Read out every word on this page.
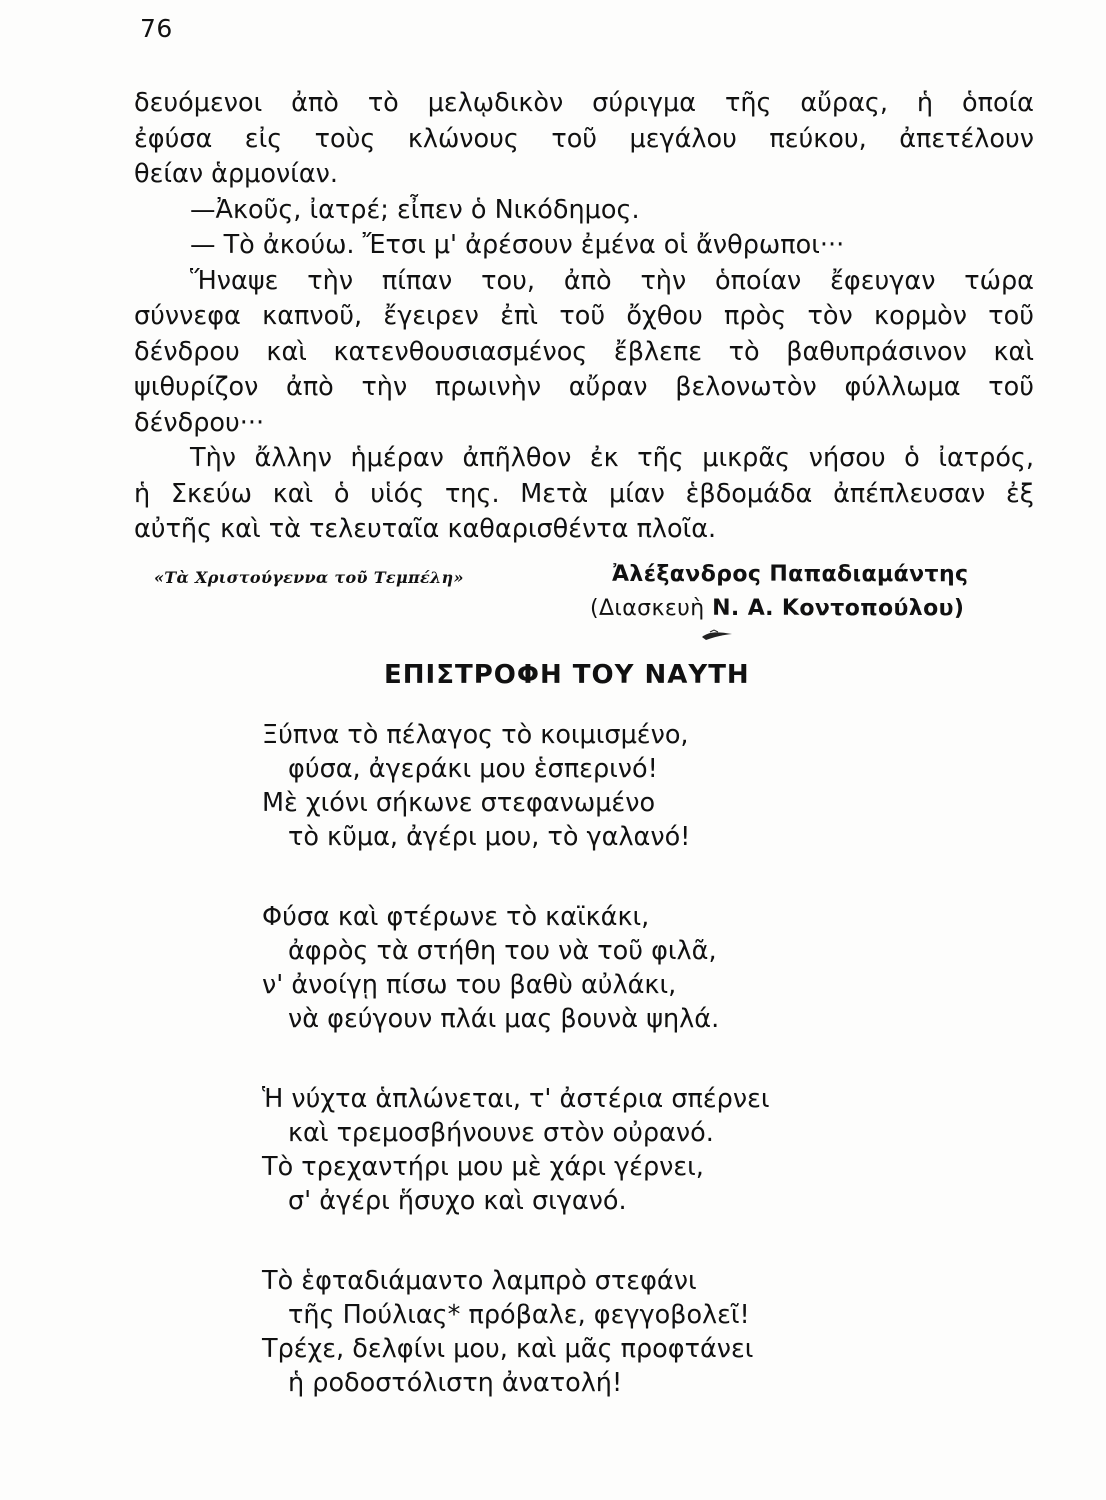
76
δευόμενοι ἀπὸ τὸ μελῳδικὸν σύριγμα τῆς αὔρας, ἡ ὁποία
ἐφύσα εἰς τοὺς κλώνους τοῦ μεγάλου πεύκου, ἀπετέλουν
θείαν ἁρμονίαν.
—Ἀκοῦς, ἰατρέ; εἶπεν ὁ Νικόδημος.
— Τὸ ἀκούω. Ἔτσι μ' ἀρέσουν ἐμένα οἱ ἄνθρωποι···
Ἥναψε τὴν πίπαν του, ἀπὸ τὴν ὁποίαν ἔφευγαν τώρα
σύννεφα καπνοῦ, ἔγειρεν ἐπὶ τοῦ ὄχθου πρὸς τὸν κορμὸν τοῦ
δένδρου καὶ κατενθουσιασμένος ἔβλεπε τὸ βαθυπράσινον καὶ
ψιθυρίζον ἀπὸ τὴν πρωινὴν αὔραν βελονωτὸν φύλλωμα τοῦ
δένδρου···
Τὴν ἄλλην ἡμέραν ἀπῆλθον ἐκ τῆς μικρᾶς νήσου ὁ ἰατρός,
ἡ Σκεύω καὶ ὁ υἱός της. Μετὰ μίαν ἑβδομάδα ἀπέπλευσαν ἐξ
αὐτῆς καὶ τὰ τελευταῖα καθαρισθέντα πλοῖα.
«Τὰ Χριστούγεννα τοῦ Τεμπέλη»	Ἀλέξανδρος Παπαδιαμάντης
(Διασκευὴ Ν. Α. Κοντοπούλου)
ΕΠΙΣΤΡΟΦΗ ΤΟΥ ΝΑΥΤΗ
Ξύπνα τὸ πέλαγος τὸ κοιμισμένο,
φύσα, ἀγεράκι μου ἑσπερινό!
Μὲ χιόνι σήκωνε στεφανωμένο
τὸ κῦμα, ἀγέρι μου, τὸ γαλανό!
Φύσα καὶ φτέρωνε τὸ καϊκάκι,
ἀφρὸς τὰ στήθη του νὰ τοῦ φιλᾶ,
ν' ἀνοίγῃ πίσω του βαθὺ αὐλάκι,
νὰ φεύγουν πλάι μας βουνὰ ψηλά.
Ἡ νύχτα ἁπλώνεται, τ' ἀστέρια σπέρνει
καὶ τρεμοσβήνουνε στὸν οὐρανό.
Τὸ τρεχαντήρι μου μὲ χάρι γέρνει,
σ' ἀγέρι ἥσυχο καὶ σιγανό.
Τὸ ἑφταδιάμαντο λαμπρὸ στεφάνι
τῆς Πούλιας* πρόβαλε, φεγγοβολεῖ!
Τρέχε, δελφίνι μου, καὶ μᾶς προφτάνει
ἡ ροδοστόλιστη ἀνατολή!
